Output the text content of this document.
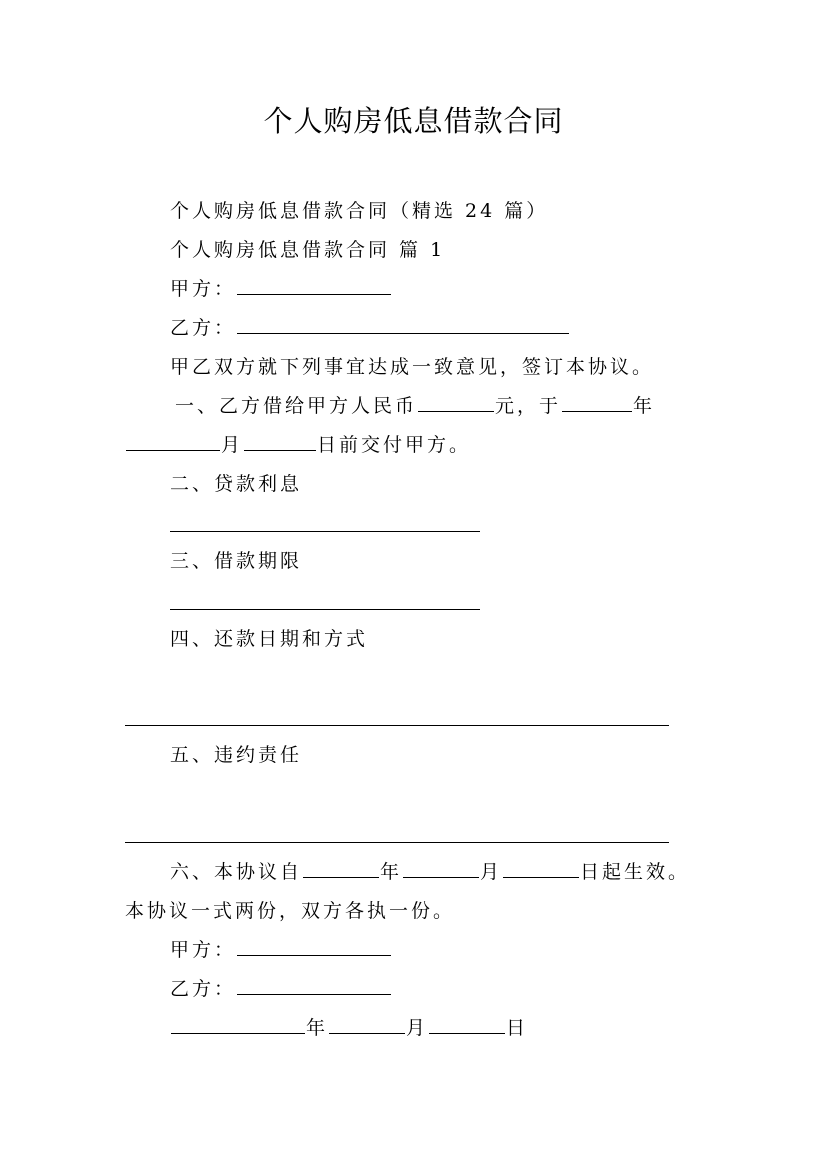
个人购房低息借款合同

个人购房低息借款合同（精选 24 篇）

个人购房低息借款合同 篇 1

甲方：

乙方：

甲乙双方就下列事宜达成一致意见，签订本协议。

一、乙方借给甲方人民币	元，于	年

月	日前交付甲方。

二、贷款利息

三、借款期限

四、还款日期和方式

五、违约责任

六、本协议自	年	月	日起生效。

本协议一式两份，双方各执一份。

甲方：

乙方：

年	月	日
